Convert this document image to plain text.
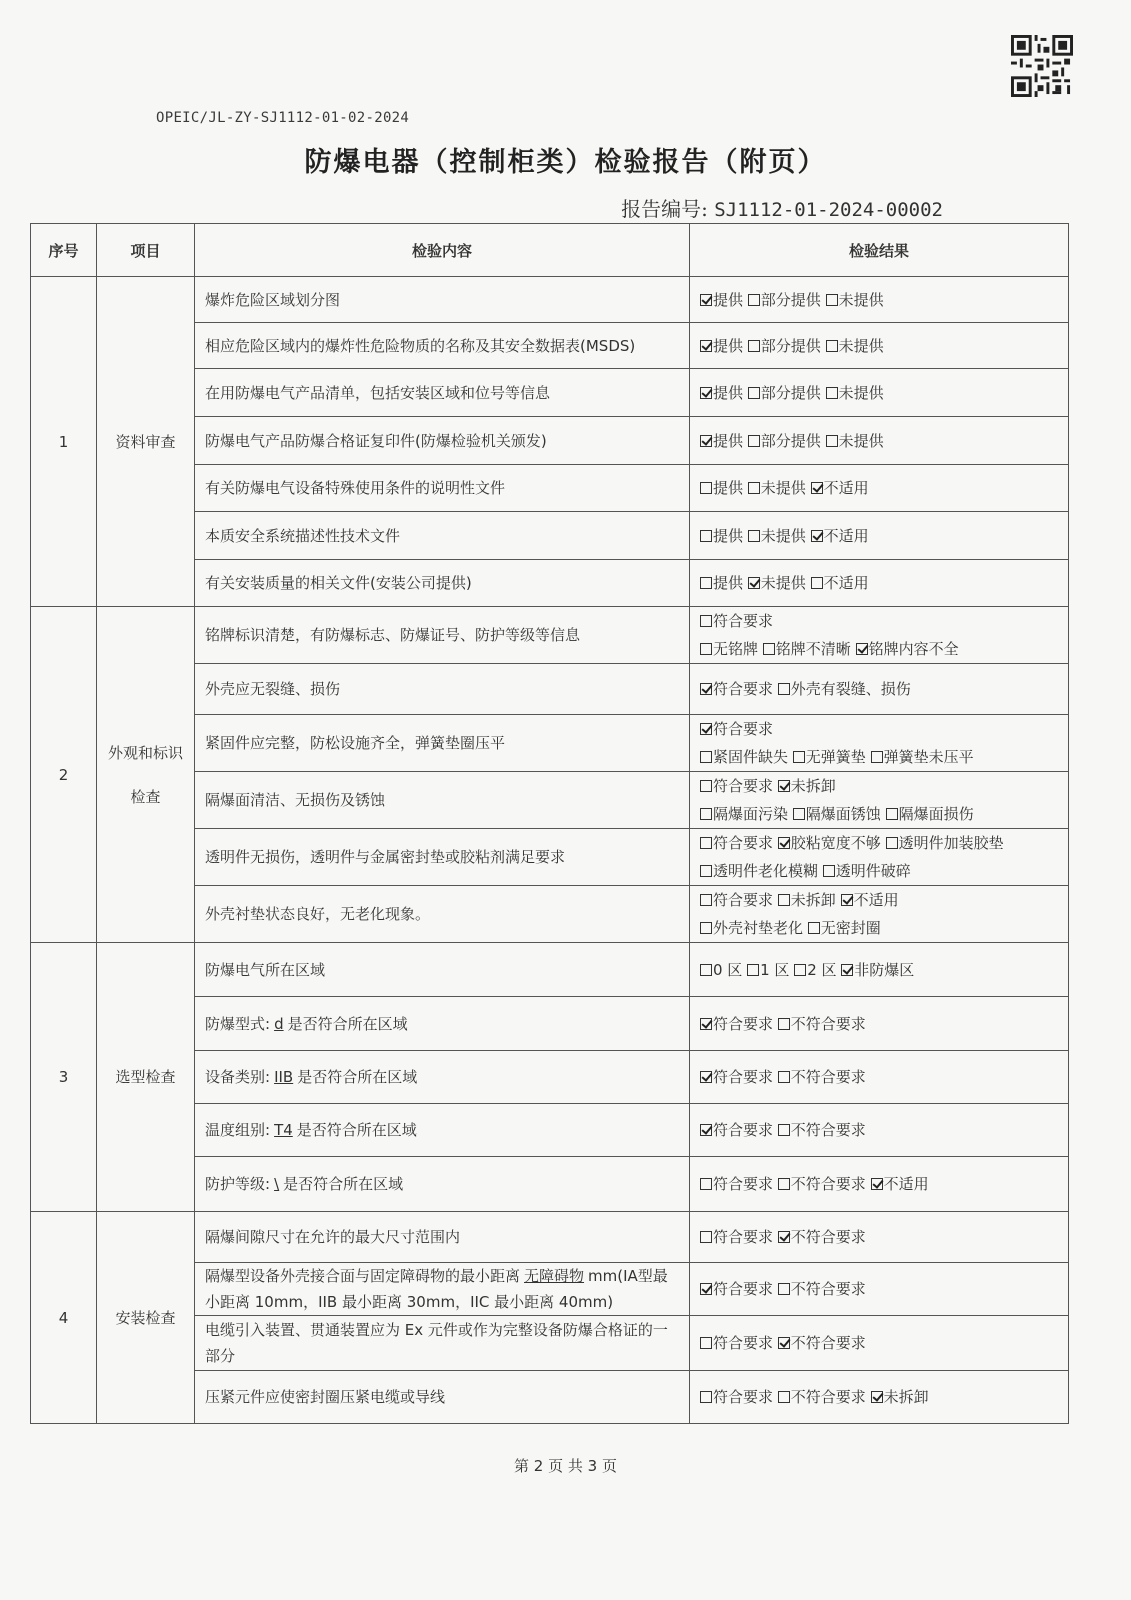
OPEIC/JL-ZY-SJ1112-01-02-2024
防爆电器（控制柜类）检验报告（附页）
报告编号: SJ1112-01-2024-00002
序号	项目	检验内容	检验结果
1	资料审查	爆炸危险区域划分图	提供 部分提供 未提供

		相应危险区域内的爆炸性危险物质的名称及其安全数据表(MSDS)	提供 部分提供 未提供

		在用防爆电气产品清单，包括安装区域和位号等信息	提供 部分提供 未提供

		防爆电气产品防爆合格证复印件(防爆检验机关颁发)	提供 部分提供 未提供

		有关防爆电气设备特殊使用条件的说明性文件	提供 未提供 不适用

		本质安全系统描述性技术文件	提供 未提供 不适用

		有关安装质量的相关文件(安装公司提供)	提供 未提供 不适用

2	外观和标识检查	铭牌标识清楚，有防爆标志、防爆证号、防护等级等信息	符合要求
无铭牌 铭牌不清晰 铭牌内容不全

		外壳应无裂缝、损伤	符合要求 外壳有裂缝、损伤

		紧固件应完整，防松设施齐全，弹簧垫圈压平	符合要求
紧固件缺失 无弹簧垫 弹簧垫未压平

		隔爆面清洁、无损伤及锈蚀	符合要求 未拆卸
隔爆面污染 隔爆面锈蚀 隔爆面损伤

		透明件无损伤，透明件与金属密封垫或胶粘剂满足要求	符合要求 胶粘宽度不够 透明件加装胶垫
透明件老化模糊 透明件破碎

		外壳衬垫状态良好，无老化现象。	符合要求 未拆卸 不适用
外壳衬垫老化 无密封圈

3	选型检查	防爆电气所在区域	0 区 1 区 2 区 非防爆区

		防爆型式: d 是否符合所在区域	符合要求 不符合要求

		设备类别: IIB 是否符合所在区域	符合要求 不符合要求

		温度组别: T4 是否符合所在区域	符合要求 不符合要求

		防护等级: \ 是否符合所在区域	符合要求 不符合要求 不适用

4	安装检查	隔爆间隙尺寸在允许的最大尺寸范围内	符合要求 不符合要求

		隔爆型设备外壳接合面与固定障碍物的最小距离 无障碍物 mm(IA型最小距离 10mm，IIB 最小距离 30mm，IIC 最小距离 40mm)	符合要求 不符合要求

		电缆引入装置、贯通装置应为 Ex 元件或作为完整设备防爆合格证的一部分	符合要求 不符合要求

		压紧元件应使密封圈压紧电缆或导线	符合要求 不符合要求 未拆卸
第 2 页 共 3 页
